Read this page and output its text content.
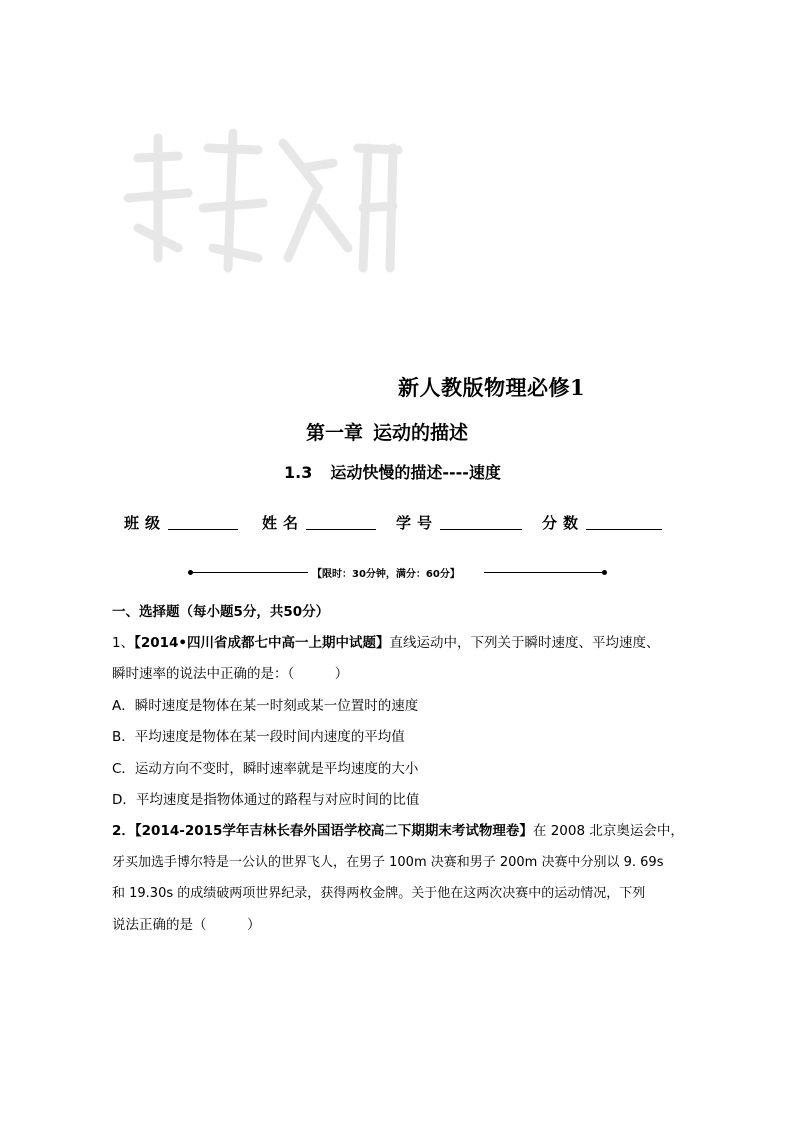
新人教版物理必修1
第一章 运动的描述
1.3 运动快慢的描述----速度
班级	姓名	学号	分数
【限时：30分钟，满分：60分】
一、选择题（每小题5分，共50分）
1、【2014•四川省成都七中高一上期中试题】直线运动中，下列关于瞬时速度、平均速度、
瞬时速率的说法中正确的是：（　　　）
A．瞬时速度是物体在某一时刻或某一位置时的速度
B．平均速度是物体在某一段时间内速度的平均值
C．运动方向不变时，瞬时速率就是平均速度的大小
D．平均速度是指物体通过的路程与对应时间的比值
2．【2014-2015学年吉林长春外国语学校高二下期期末考试物理卷】在 2008 北京奥运会中，
牙买加选手博尔特是一公认的世界飞人，在男子 100m 决赛和男子 200m 决赛中分别以 9. 69s
和 19.30s 的成绩破两项世界纪录，获得两枚金牌。关于他在这两次决赛中的运动情况，下列
说法正确的是（　　　）
